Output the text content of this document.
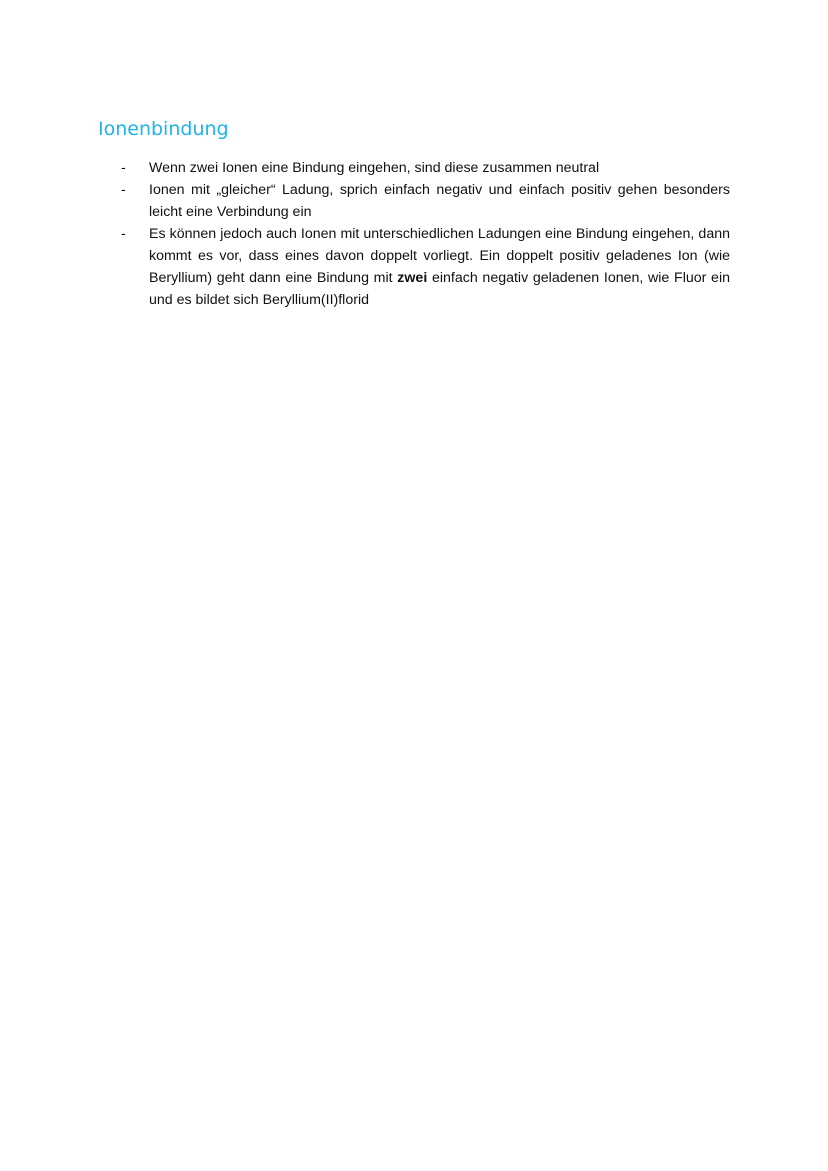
Ionenbindung
-	Wenn zwei Ionen eine Bindung eingehen, sind diese zusammen neutral
-	Ionen mit „gleicher“ Ladung, sprich einfach negativ und einfach positiv gehen besonders leicht eine Verbindung ein
-	Es können jedoch auch Ionen mit unterschiedlichen Ladungen eine Bindung eingehen, dann kommt es vor, dass eines davon doppelt vorliegt. Ein doppelt positiv geladenes Ion (wie Beryllium) geht dann eine Bindung mit zwei einfach negativ geladenen Ionen, wie Fluor ein und es bildet sich Beryllium(II)florid
